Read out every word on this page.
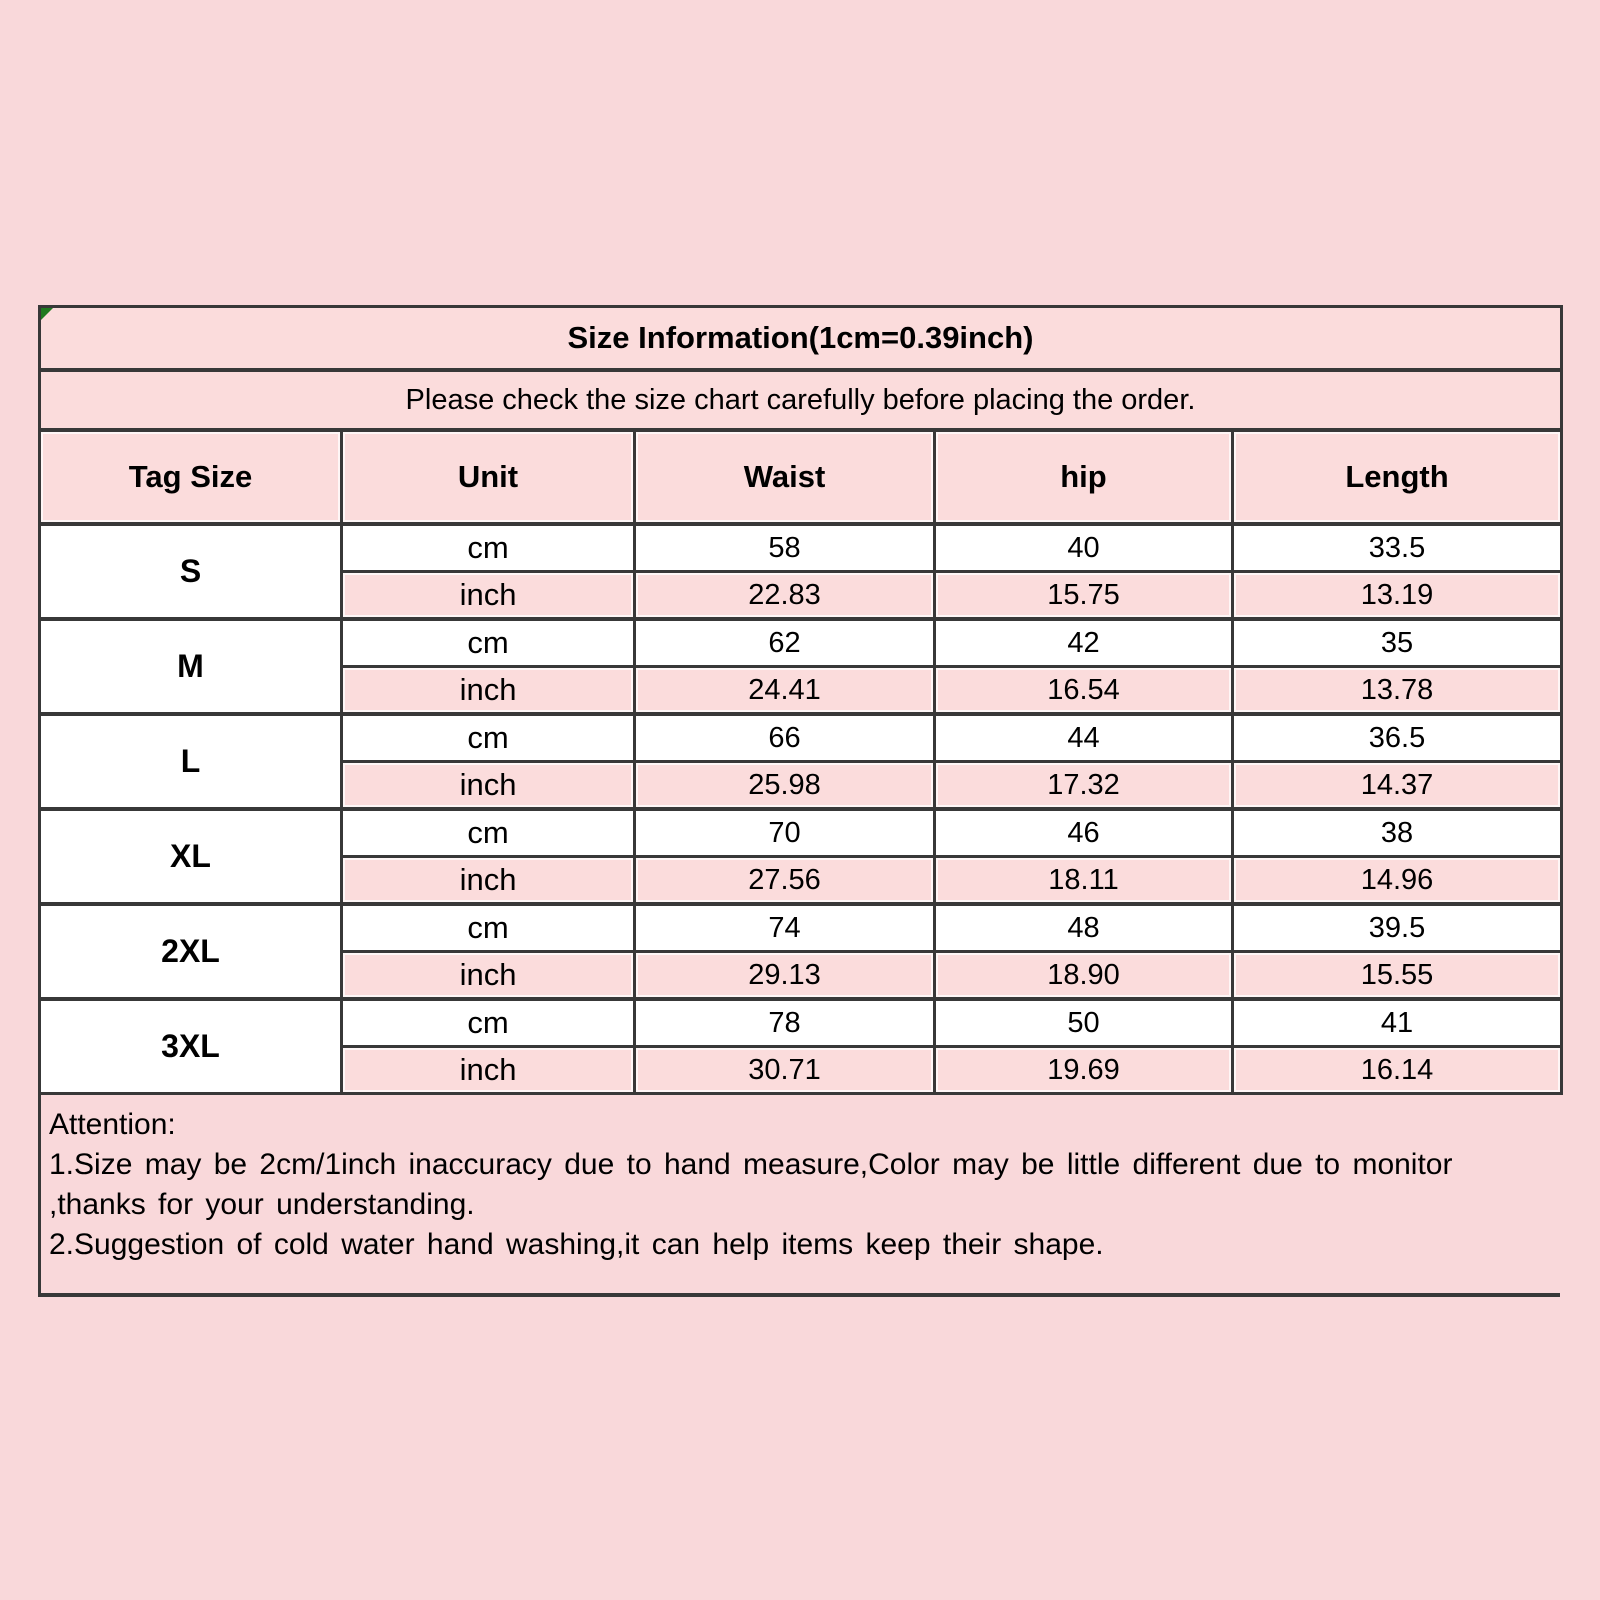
Size Information(1cm=0.39inch)				
Please check the size chart carefully before placing the order.				
Tag Size	Unit	Waist	hip	Length
S	cm	58	40	33.5
	inch	22.83	15.75	13.19
M	cm	62	42	35
	inch	24.41	16.54	13.78
L	cm	66	44	36.5
	inch	25.98	17.32	14.37
XL	cm	70	46	38
	inch	27.56	18.11	14.96
2XL	cm	74	48	39.5
	inch	29.13	18.90	15.55
3XL	cm	78	50	41
	inch	30.71	19.69	16.14
Attention:
1.Size may be 2cm/1inch inaccuracy due to hand measure,Color may be little different due to monitor
,thanks for your understanding.
2.Suggestion of cold water hand washing,it can help items keep their shape.
